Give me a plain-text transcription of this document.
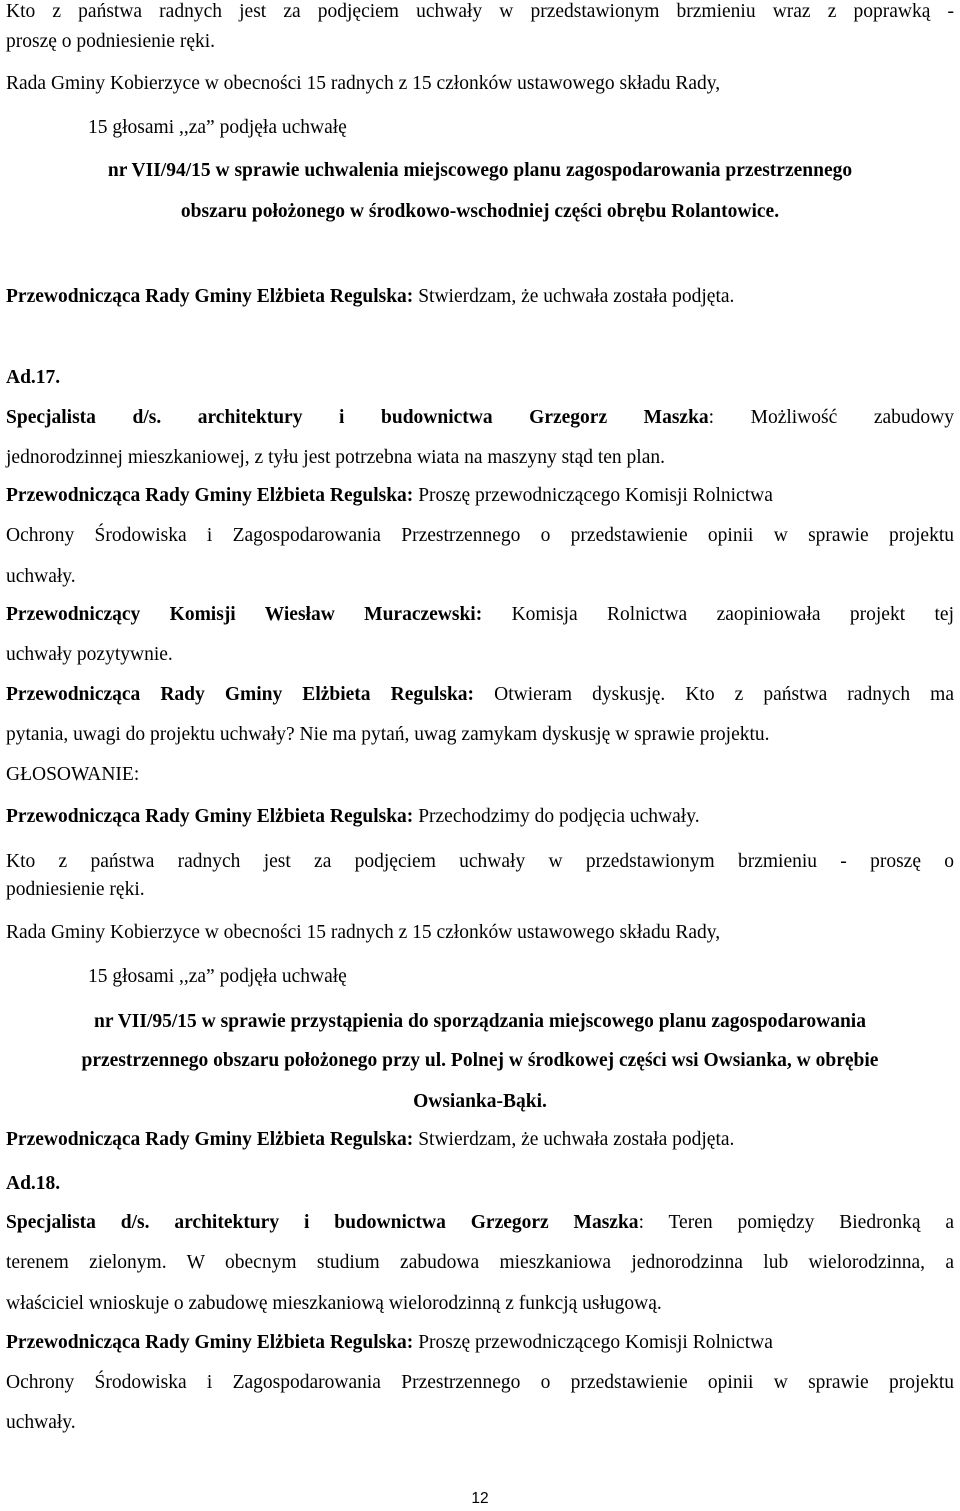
Kto z państwa radnych jest za podjęciem uchwały w przedstawionym brzmieniu wraz z poprawką -
proszę o podniesienie ręki.
Rada Gminy Kobierzyce w obecności 15 radnych z 15 członków ustawowego składu Rady,
15 głosami ,,za” podjęła uchwałę
nr VII/94/15 w sprawie uchwalenia miejscowego planu zagospodarowania przestrzennego
obszaru położonego w środkowo-wschodniej części obrębu Rolantowice.
Przewodnicząca Rady Gminy Elżbieta Regulska: Stwierdzam, że uchwała została podjęta.
Ad.17.
Specjalista d/s. architektury i budownictwa Grzegorz Maszka: Możliwość zabudowy
jednorodzinnej mieszkaniowej, z tyłu jest potrzebna wiata na maszyny stąd ten plan.
Przewodnicząca Rady Gminy Elżbieta Regulska: Proszę przewodniczącego Komisji Rolnictwa
Ochrony Środowiska i Zagospodarowania Przestrzennego o przedstawienie opinii w sprawie projektu
uchwały.
Przewodniczący Komisji Wiesław Muraczewski: Komisja Rolnictwa zaopiniowała projekt tej
uchwały pozytywnie.
Przewodnicząca Rady Gminy Elżbieta Regulska: Otwieram dyskusję. Kto z państwa radnych ma
pytania, uwagi do projektu uchwały? Nie ma pytań, uwag zamykam dyskusję w sprawie projektu.
GŁOSOWANIE:
Przewodnicząca Rady Gminy Elżbieta Regulska: Przechodzimy do podjęcia uchwały.
Kto z państwa radnych jest za podjęciem uchwały w przedstawionym brzmieniu - proszę o
podniesienie ręki.
Rada Gminy Kobierzyce w obecności 15 radnych z 15 członków ustawowego składu Rady,
15 głosami ,,za” podjęła uchwałę
nr VII/95/15 w sprawie przystąpienia do sporządzania miejscowego planu zagospodarowania
przestrzennego obszaru położonego przy ul. Polnej w środkowej części wsi Owsianka, w obrębie
Owsianka-Bąki.
Przewodnicząca Rady Gminy Elżbieta Regulska: Stwierdzam, że uchwała została podjęta.
Ad.18.
Specjalista d/s. architektury i budownictwa Grzegorz Maszka: Teren pomiędzy Biedronką a
terenem zielonym. W obecnym studium zabudowa mieszkaniowa jednorodzinna lub wielorodzinna, a
właściciel wnioskuje o zabudowę mieszkaniową wielorodzinną z funkcją usługową.
Przewodnicząca Rady Gminy Elżbieta Regulska: Proszę przewodniczącego Komisji Rolnictwa
Ochrony Środowiska i Zagospodarowania Przestrzennego o przedstawienie opinii w sprawie projektu
uchwały.
12
